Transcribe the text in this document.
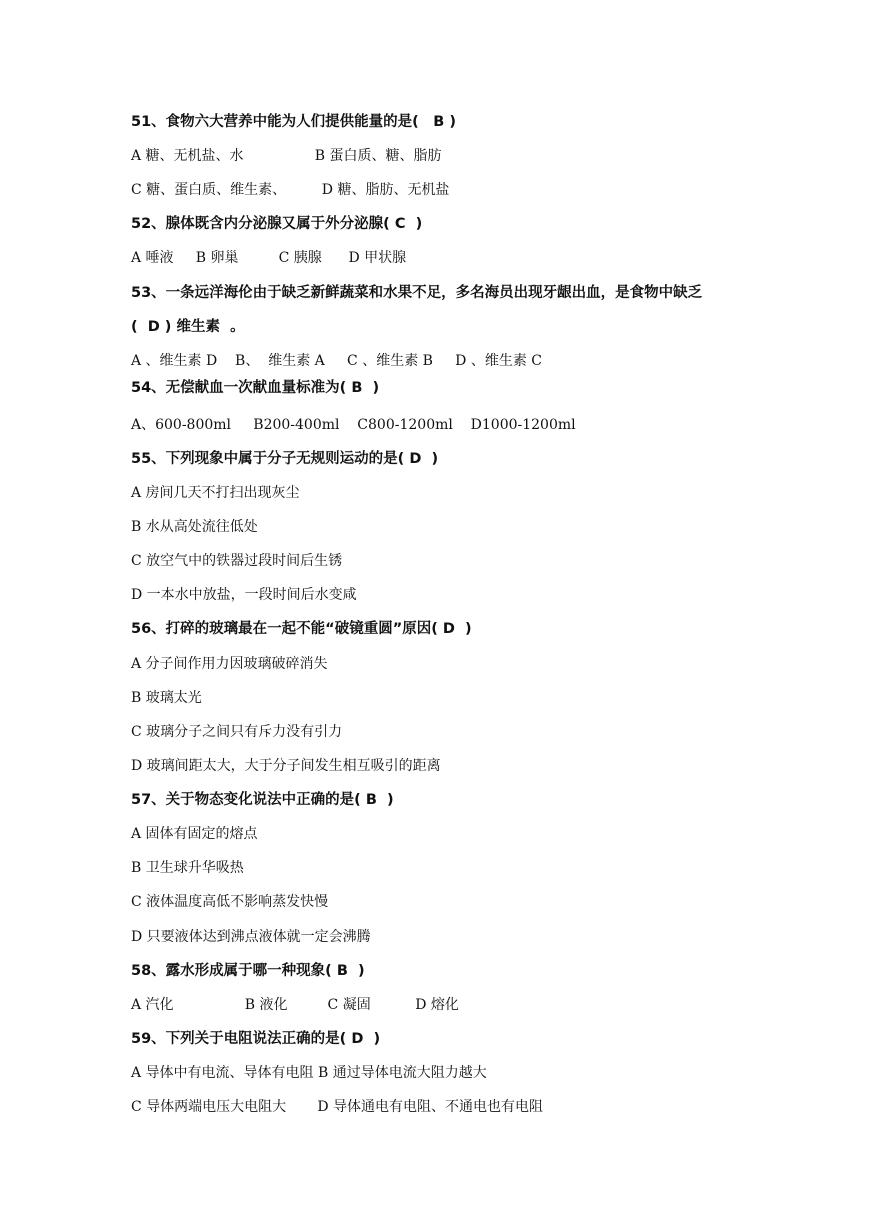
51、食物六大营养中能为人们提供能量的是(　B )
A 糖、无机盐、水                B 蛋白质、糖、脂肪
C 糖、蛋白质、维生素、        D 糖、脂肪、无机盐
52、腺体既含内分泌腺又属于外分泌腺( C  )
A 唾液     B 卵巢         C 胰腺      D 甲状腺
53、一条远洋海伦由于缺乏新鲜蔬菜和水果不足，多名海员出现牙龈出血，是食物中缺乏
(  D ) 维生素  。
A 、维生素 D    B、  维生素 A     C 、维生素 B     D 、维生素 C
54、无偿献血一次献血量标准为( B  )
A、600-800ml     B200-400ml    C800-1200ml    D1000-1200ml
55、下列现象中属于分子无规则运动的是( D  )
A 房间几天不打扫出现灰尘
B 水从高处流往低处
C 放空气中的铁器过段时间后生锈
D 一本水中放盐，一段时间后水变咸
56、打碎的玻璃最在一起不能“破镜重圆”原因( D  )
A 分子间作用力因玻璃破碎消失
B 玻璃太光
C 玻璃分子之间只有斥力没有引力
D 玻璃间距太大，大于分子间发生相互吸引的距离
57、关于物态变化说法中正确的是( B  )
A 固体有固定的熔点
B 卫生球升华吸热
C 液体温度高低不影响蒸发快慢
D 只要液体达到沸点液体就一定会沸腾
58、露水形成属于哪一种现象( B  )
A 汽化                B 液化         C 凝固          D 熔化
59、下列关于电阻说法正确的是( D  )
A 导体中有电流、导体有电阻 B 通过导体电流大阻力越大
C 导体两端电压大电阻大       D 导体通电有电阻、不通电也有电阻
